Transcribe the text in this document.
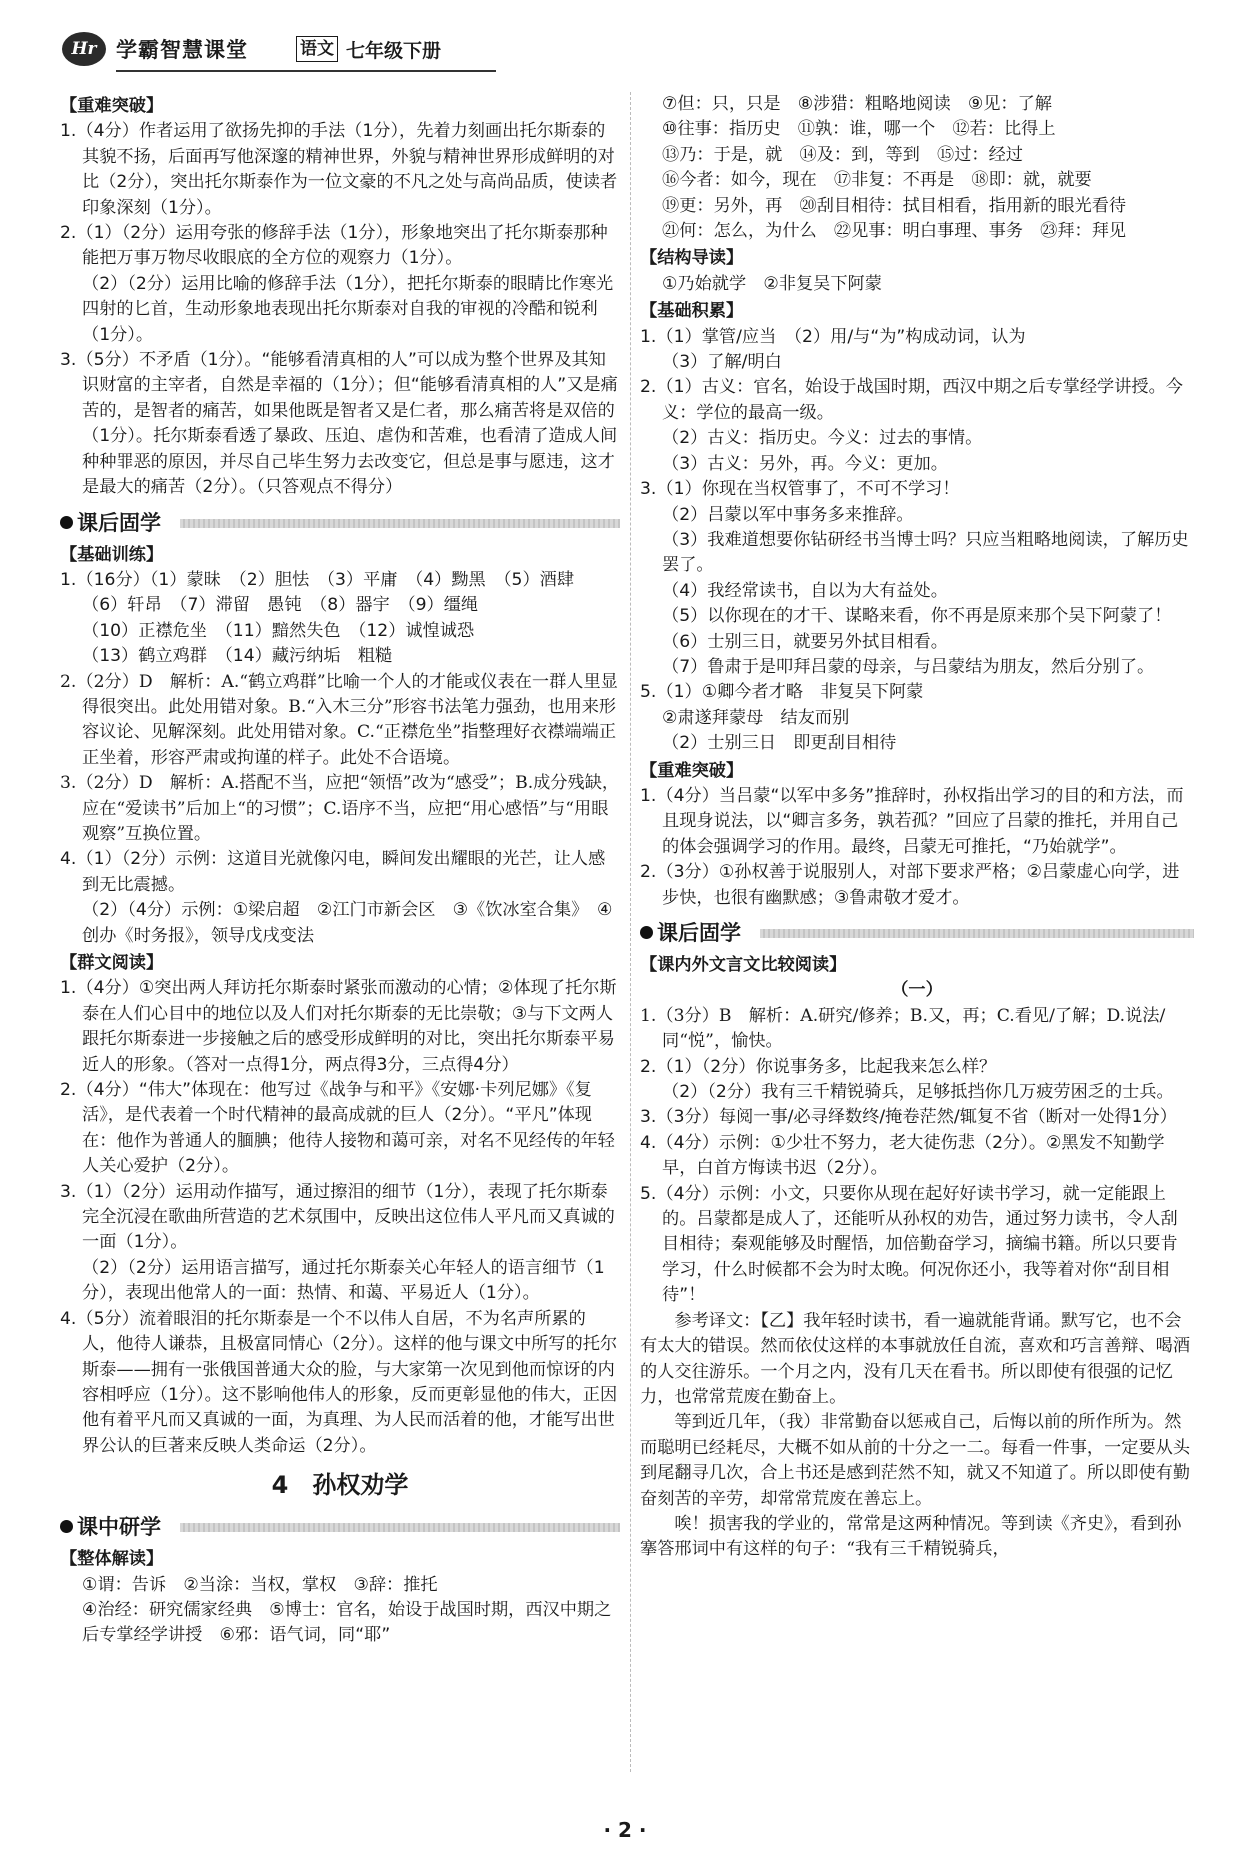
Hr 学霸智慧课堂	语文 七年级下册

【重难突破】

1.（4分）作者运用了欲扬先抑的手法（1分），先着力刻画出托尔斯泰的其貌不扬，后面再写他深邃的精神世界，外貌与精神世界形成鲜明的对比（2分），突出托尔斯泰作为一位文豪的不凡之处与高尚品质，使读者印象深刻（1分）。

2.（1）（2分）运用夸张的修辞手法（1分），形象地突出了托尔斯泰那种能把万事万物尽收眼底的全方位的观察力（1分）。

（2）（2分）运用比喻的修辞手法（1分），把托尔斯泰的眼睛比作寒光四射的匕首，生动形象地表现出托尔斯泰对自我的审视的冷酷和锐利（1分）。

3.（5分）不矛盾（1分）。“能够看清真相的人”可以成为整个世界及其知识财富的主宰者，自然是幸福的（1分）；但“能够看清真相的人”又是痛苦的，是智者的痛苦，如果他既是智者又是仁者，那么痛苦将是双倍的（1分）。托尔斯泰看透了暴政、压迫、虐伪和苦难，也看清了造成人间种种罪恶的原因，并尽自己毕生努力去改变它，但总是事与愿违，这才是最大的痛苦（2分）。（只答观点不得分）

课后固学

【基础训练】

1.（16分）（1）蒙昧　（2）胆怯　（3）平庸　（4）黝黑　（5）酒肆

（6）轩昂　（7）滞留　愚钝　（8）器宇　（9）缰绳

（10）正襟危坐　（11）黯然失色　（12）诚惶诚恐

（13）鹤立鸡群　（14）藏污纳垢　粗糙

2.（2分）D　解析：A.“鹤立鸡群”比喻一个人的才能或仪表在一群人里显得很突出。此处用错对象。B.“入木三分”形容书法笔力强劲，也用来形容议论、见解深刻。此处用错对象。C.“正襟危坐”指整理好衣襟端端正正坐着，形容严肃或拘谨的样子。此处不合语境。

3.（2分）D　解析：A.搭配不当，应把“领悟”改为“感受”；B.成分残缺，应在“爱读书”后加上“的习惯”；C.语序不当，应把“用心感悟”与“用眼观察”互换位置。

4.（1）（2分）示例：这道目光就像闪电，瞬间发出耀眼的光芒，让人感到无比震撼。

（2）（4分）示例：①梁启超　②江门市新会区　③《饮冰室合集》　④创办《时务报》，领导戊戌变法

【群文阅读】

1.（4分）①突出两人拜访托尔斯泰时紧张而激动的心情；②体现了托尔斯泰在人们心目中的地位以及人们对托尔斯泰的无比崇敬；③与下文两人跟托尔斯泰进一步接触之后的感受形成鲜明的对比，突出托尔斯泰平易近人的形象。（答对一点得1分，两点得3分，三点得4分）

2.（4分）“伟大”体现在：他写过《战争与和平》《安娜·卡列尼娜》《复活》，是代表着一个时代精神的最高成就的巨人（2分）。“平凡”体现在：他作为普通人的腼腆；他待人接物和蔼可亲，对名不见经传的年轻人关心爱护（2分）。

3.（1）（2分）运用动作描写，通过擦泪的细节（1分），表现了托尔斯泰完全沉浸在歌曲所营造的艺术氛围中，反映出这位伟人平凡而又真诚的一面（1分）。

（2）（2分）运用语言描写，通过托尔斯泰关心年轻人的语言细节（1分），表现出他常人的一面：热情、和蔼、平易近人（1分）。

4.（5分）流着眼泪的托尔斯泰是一个不以伟人自居，不为名声所累的人，他待人谦恭，且极富同情心（2分）。这样的他与课文中所写的托尔斯泰——拥有一张俄国普通大众的脸，与大家第一次见到他而惊讶的内容相呼应（1分）。这不影响他伟人的形象，反而更彰显他的伟大，正因他有着平凡而又真诚的一面，为真理、为人民而活着的他，才能写出世界公认的巨著来反映人类命运（2分）。

4　孙权劝学

课中研学

【整体解读】

①谓：告诉　②当涂：当权，掌权　③辞：推托

④治经：研究儒家经典　⑤博士：官名，始设于战国时期，西汉中期之后专掌经学讲授　⑥邪：语气词，同“耶”

⑦但：只，只是　⑧涉猎：粗略地阅读　⑨见：了解

⑩往事：指历史　⑪孰：谁，哪一个　⑫若：比得上

⑬乃：于是，就　⑭及：到，等到　⑮过：经过

⑯今者：如今，现在　⑰非复：不再是　⑱即：就，就要

⑲更：另外，再　⑳刮目相待：拭目相看，指用新的眼光看待

㉑何：怎么，为什么　㉒见事：明白事理、事务　㉓拜：拜见

【结构导读】

①乃始就学　②非复吴下阿蒙

【基础积累】

1.（1）掌管/应当　（2）用/与“为”构成动词，认为

（3）了解/明白

2.（1）古义：官名，始设于战国时期，西汉中期之后专掌经学讲授。今义：学位的最高一级。

（2）古义：指历史。今义：过去的事情。

（3）古义：另外，再。今义：更加。

3.（1）你现在当权管事了，不可不学习！

（2）吕蒙以军中事务多来推辞。

（3）我难道想要你钻研经书当博士吗？只应当粗略地阅读，了解历史罢了。

（4）我经常读书，自以为大有益处。

（5）以你现在的才干、谋略来看，你不再是原来那个吴下阿蒙了！

（6）士别三日，就要另外拭目相看。

（7）鲁肃于是叩拜吕蒙的母亲，与吕蒙结为朋友，然后分别了。

5.（1）①卿今者才略　非复吴下阿蒙

②肃遂拜蒙母　结友而别

（2）士别三日　即更刮目相待

【重难突破】

1.（4分）当吕蒙“以军中多务”推辞时，孙权指出学习的目的和方法，而且现身说法，以“卿言多务，孰若孤？”回应了吕蒙的推托，并用自己的体会强调学习的作用。最终，吕蒙无可推托，“乃始就学”。

2.（3分）①孙权善于说服别人，对部下要求严格；②吕蒙虚心向学，进步快，也很有幽默感；③鲁肃敬才爱才。

课后固学

【课内外文言文比较阅读】

（一）

1.（3分）B　解析：A.研究/修养；B.又，再；C.看见/了解；D.说法/同“悦”，愉快。

2.（1）（2分）你说事务多，比起我来怎么样？

（2）（2分）我有三千精锐骑兵，足够抵挡你几万疲劳困乏的士兵。

3.（3分）每阅一事/必寻绎数终/掩卷茫然/辄复不省（断对一处得1分）

4.（4分）示例：①少壮不努力，老大徒伤悲（2分）。②黑发不知勤学早，白首方悔读书迟（2分）。

5.（4分）示例：小文，只要你从现在起好好读书学习，就一定能跟上的。吕蒙都是成人了，还能听从孙权的劝告，通过努力读书，令人刮目相待；秦观能够及时醒悟，加倍勤奋学习，摘编书籍。所以只要肯学习，什么时候都不会为时太晚。何况你还小，我等着对你“刮目相待”！

参考译文：【乙】我年轻时读书，看一遍就能背诵。默写它，也不会有太大的错误。然而依仗这样的本事就放任自流，喜欢和巧言善辩、喝酒的人交往游乐。一个月之内，没有几天在看书。所以即使有很强的记忆力，也常常荒废在勤奋上。

等到近几年，（我）非常勤奋以惩戒自己，后悔以前的所作所为。然而聪明已经耗尽，大概不如从前的十分之一二。每看一件事，一定要从头到尾翻寻几次，合上书还是感到茫然不知，就又不知道了。所以即使有勤奋刻苦的辛劳，却常常荒废在善忘上。

唉！损害我的学业的，常常是这两种情况。等到读《齐史》，看到孙搴答邢词中有这样的句子：“我有三千精锐骑兵，

· 2 ·
